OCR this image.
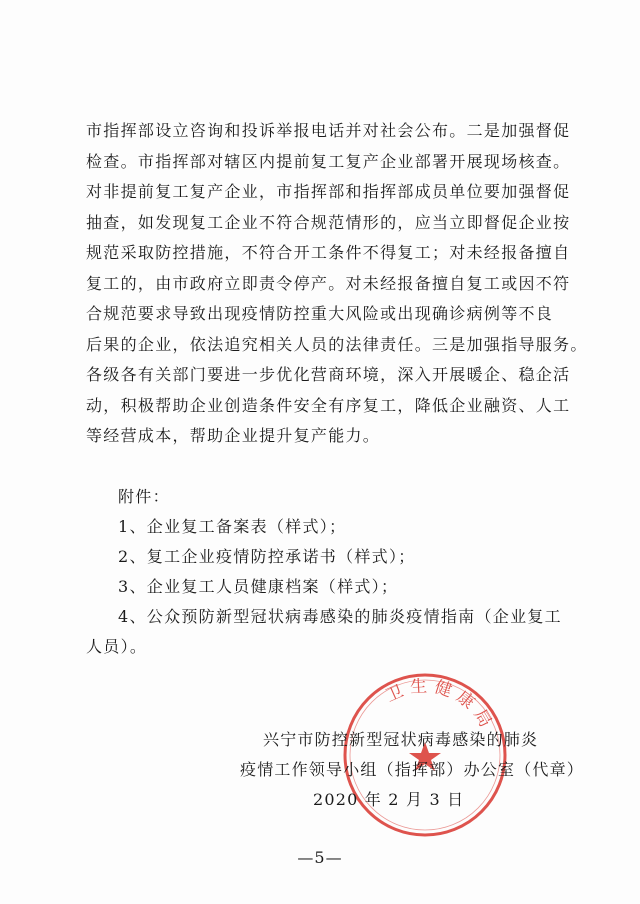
市指挥部设立咨询和投诉举报电话并对社会公布。二是加强督促
检查。市指挥部对辖区内提前复工复产企业部署开展现场核查。
对非提前复工复产企业，市指挥部和指挥部成员单位要加强督促
抽查，如发现复工企业不符合规范情形的，应当立即督促企业按
规范采取防控措施，不符合开工条件不得复工；对未经报备擅自
复工的，由市政府立即责令停产。对未经报备擅自复工或因不符
合规范要求导致出现疫情防控重大风险或出现确诊病例等不良
后果的企业，依法追究相关人员的法律责任。三是加强指导服务。
各级各有关部门要进一步优化营商环境，深入开展暖企、稳企活
动，积极帮助企业创造条件安全有序复工，降低企业融资、人工
等经营成本，帮助企业提升复产能力。
附件：
1、企业复工备案表（样式）；
2、复工企业疫情防控承诺书（样式）；
3、企业复工人员健康档案（样式）；
4、公众预防新型冠状病毒感染的肺炎疫情指南（企业复工
人员）。
卫生健康局
兴宁市防控新型冠状病毒感染的肺炎
疫情工作领导小组（指挥部）办公室（代章）
2020 年 2 月 3 日
—5—
